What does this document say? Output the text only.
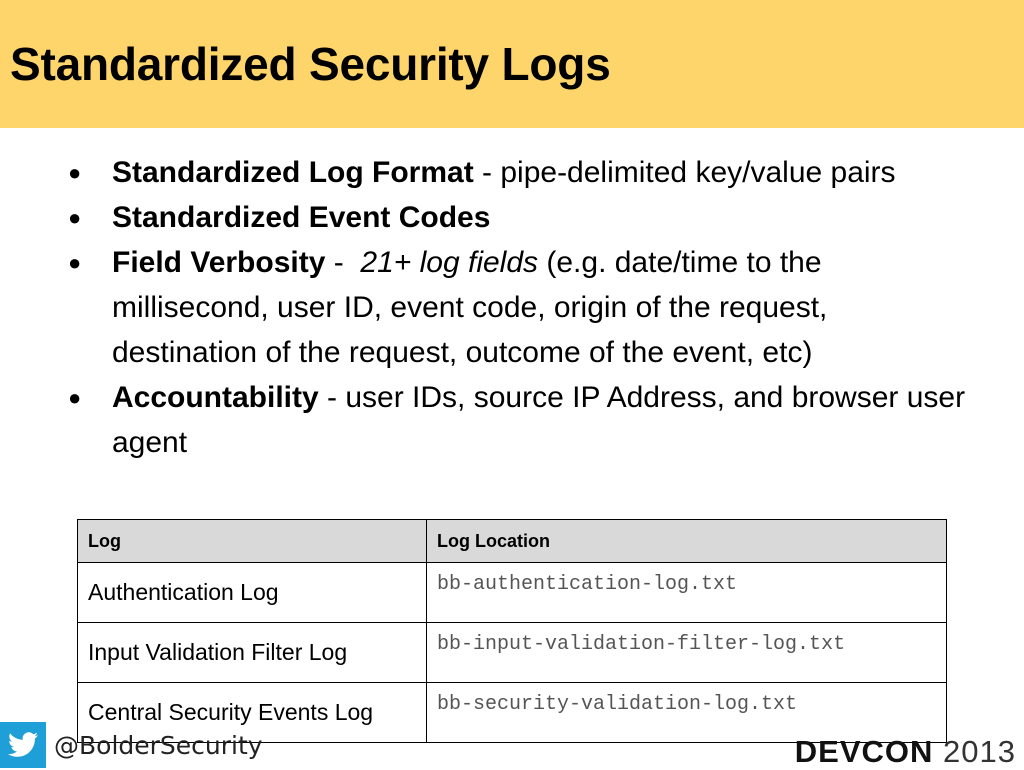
Standardized Security Logs
● Standardized Log Format - pipe-delimited key/value pairs
● Standardized Event Codes
● Field Verbosity -  21+ log fields (e.g. date/time to the millisecond, user ID, event code, origin of the request, destination of the request, outcome of the event, etc)
● Accountability - user IDs, source IP Address, and browser user agent
Log	Log Location
Authentication Log	bb-authentication-log.txt
Input Validation Filter Log	bb-input-validation-filter-log.txt
Central Security Events Log	bb-security-validation-log.txt
@BolderSecurity	DEVCON 2013
